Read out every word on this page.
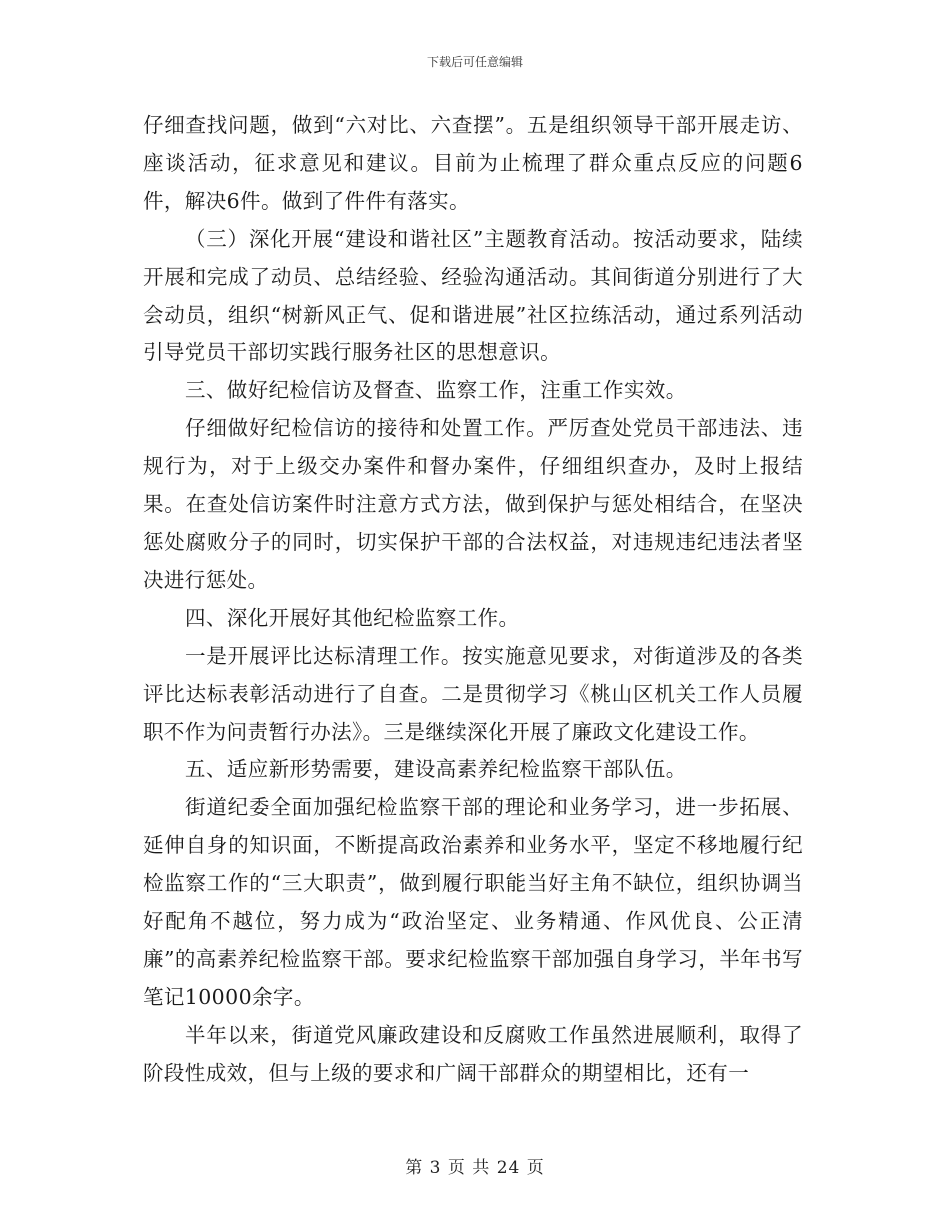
下载后可任意编辑

仔细查找问题，做到“六对比、六查摆”。五是组织领导干部开展走访、座谈活动，征求意见和建议。目前为止梳理了群众重点反应的问题6件，解决6件。做到了件件有落实。

（三）深化开展“建设和谐社区”主题教育活动。按活动要求，陆续开展和完成了动员、总结经验、经验沟通活动。其间街道分别进行了大会动员，组织“树新风正气、促和谐进展”社区拉练活动，通过系列活动引导党员干部切实践行服务社区的思想意识。

三、做好纪检信访及督查、监察工作，注重工作实效。

仔细做好纪检信访的接待和处置工作。严厉查处党员干部违法、违规行为，对于上级交办案件和督办案件，仔细组织查办，及时上报结果。在查处信访案件时注意方式方法，做到保护与惩处相结合，在坚决惩处腐败分子的同时，切实保护干部的合法权益，对违规违纪违法者坚决进行惩处。

四、深化开展好其他纪检监察工作。

一是开展评比达标清理工作。按实施意见要求，对街道涉及的各类评比达标表彰活动进行了自查。二是贯彻学习《桃山区机关工作人员履职不作为问责暂行办法》。三是继续深化开展了廉政文化建设工作。

五、适应新形势需要，建设高素养纪检监察干部队伍。

街道纪委全面加强纪检监察干部的理论和业务学习，进一步拓展、延伸自身的知识面，不断提高政治素养和业务水平，坚定不移地履行纪检监察工作的“三大职责”，做到履行职能当好主角不缺位，组织协调当好配角不越位，努力成为“政治坚定、业务精通、作风优良、公正清廉”的高素养纪检监察干部。要求纪检监察干部加强自身学习，半年书写笔记10000余字。

半年以来，街道党风廉政建设和反腐败工作虽然进展顺利，取得了阶段性成效，但与上级的要求和广阔干部群众的期望相比，还有一

第 3 页 共 24 页
